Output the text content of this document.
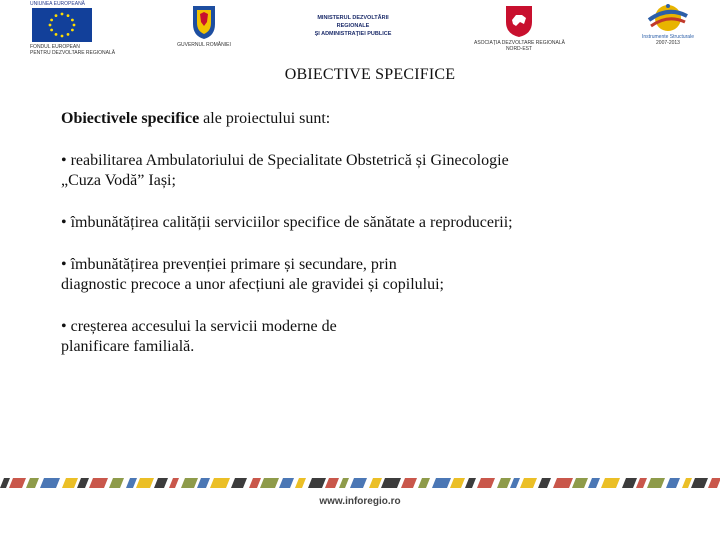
UNIUNEA EUROPEANĂ
FONDUL EUROPEAN
PENTRU DEZVOLTARE REGIONALĂ
GUVERNUL ROMÂNIEI
MINISTERUL DEZVOLTĂRII REGIONALE
ŞI ADMINISTRAŢIEI PUBLICE
ASOCIAȚIA DEZVOLTARE REGIONALĂ
NORD-EST
Instrumente Structurale
2007-2013
OBIECTIVE SPECIFICE

Obiectivele specifice ale proiectului sunt:

• reabilitarea Ambulatoriului de Specialitate Obstetrică și Ginecologie
„Cuza Vodă” Iași;

• îmbunătățirea calității serviciilor specifice de sănătate a reproducerii;

• îmbunătățirea prevenției primare și secundare, prin
diagnostic precoce a unor afecțiuni ale gravidei și copilului;

• creșterea accesului la servicii moderne de
planificare familială.

www.inforegio.ro
